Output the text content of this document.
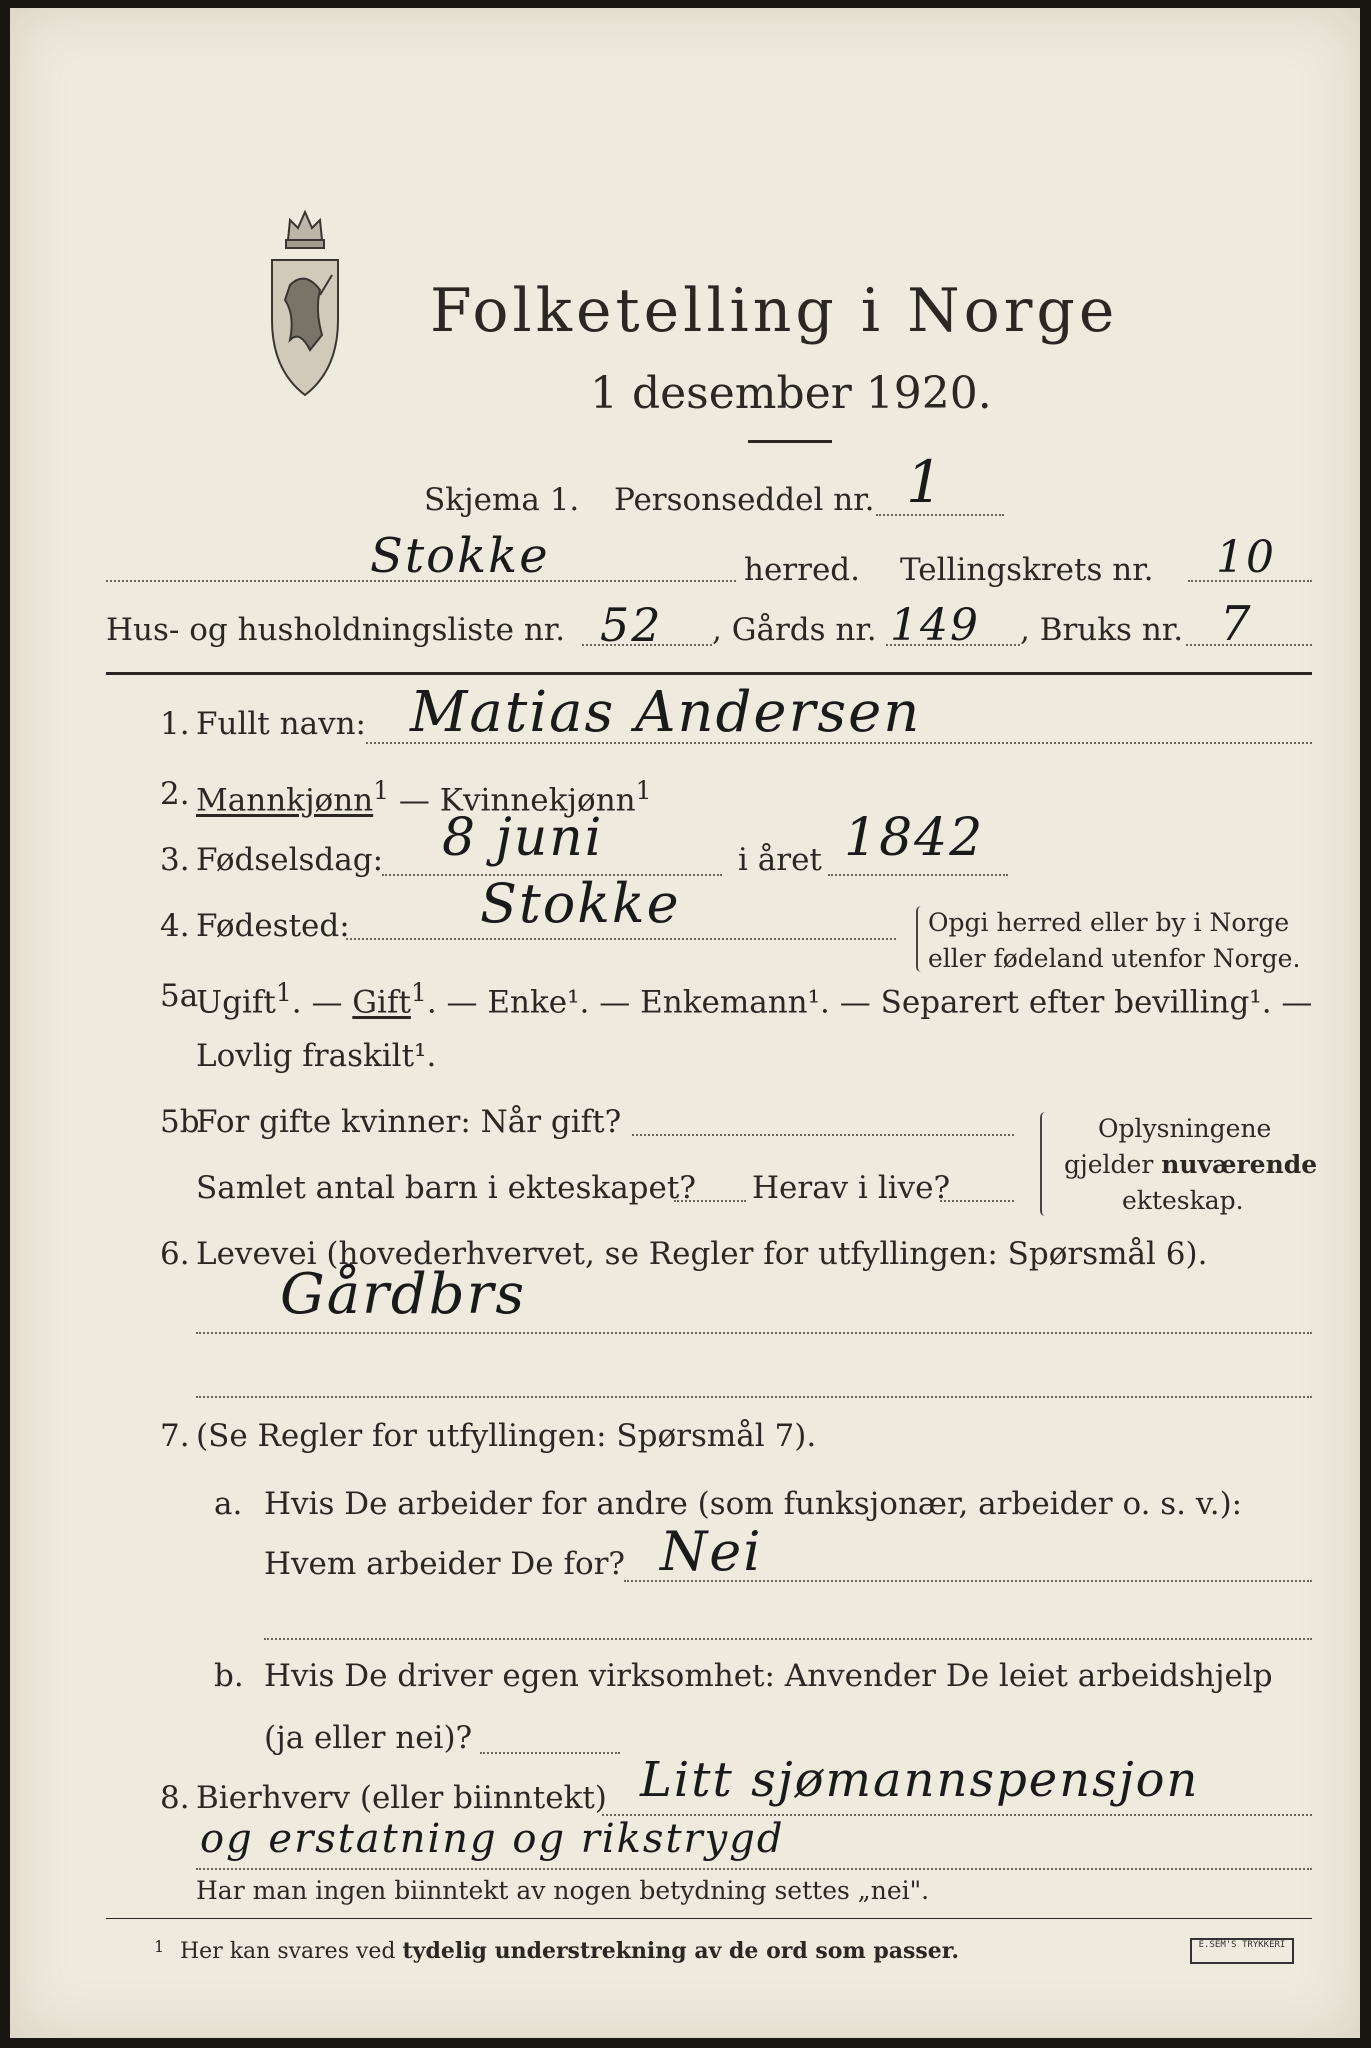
Folketelling i Norge
1 desember 1920.
Skjema 1. Personseddel nr. 1
Stokke	herred. Tellingskrets nr. 10
Hus- og husholdningsliste nr. 52 , Gårds nr. 149 , Bruks nr. 7
1. Fullt navn: Matias Andersen
2. Mannkjønn$^1$ — Kvinnekjønn$^1$
3. Fødselsdag: 8 juni	i året 1842
4. Fødested: Stokke	Opgi herred eller by i Norge
eller fødeland utenfor Norge.
5a
Ugift$^1$. — Gift$^1$. — Enke¹. — Enkemann¹. — Separert efter bevilling¹. —
Lovlig fraskilt¹.
5b
For gifte kvinner: Når gift?
Samlet antal barn i ekteskapet? Herav i live?
Oplysningene
gjelder nuværende
ekteskap.
6. Levevei (hovederhvervet, se Regler for utfyllingen: Spørsmål 6).
Gårdbrs
7. (Se Regler for utfyllingen: Spørsmål 7).
a. Hvis De arbeider for andre (som funksjonær, arbeider o. s. v.):
Hvem arbeider De for? Nei
b. Hvis De driver egen virksomhet: Anvender De leiet arbeidshjelp
(ja eller nei)?
8. Bierhverv (eller biinntekt) Litt sjømannspensjon
og erstatning og rikstrygd
Har man ingen biinntekt av nogen betydning settes „nei".
1 Her kan svares ved tydelig understrekning av de ord som passer.	E.SEM'S TRYKKERI
